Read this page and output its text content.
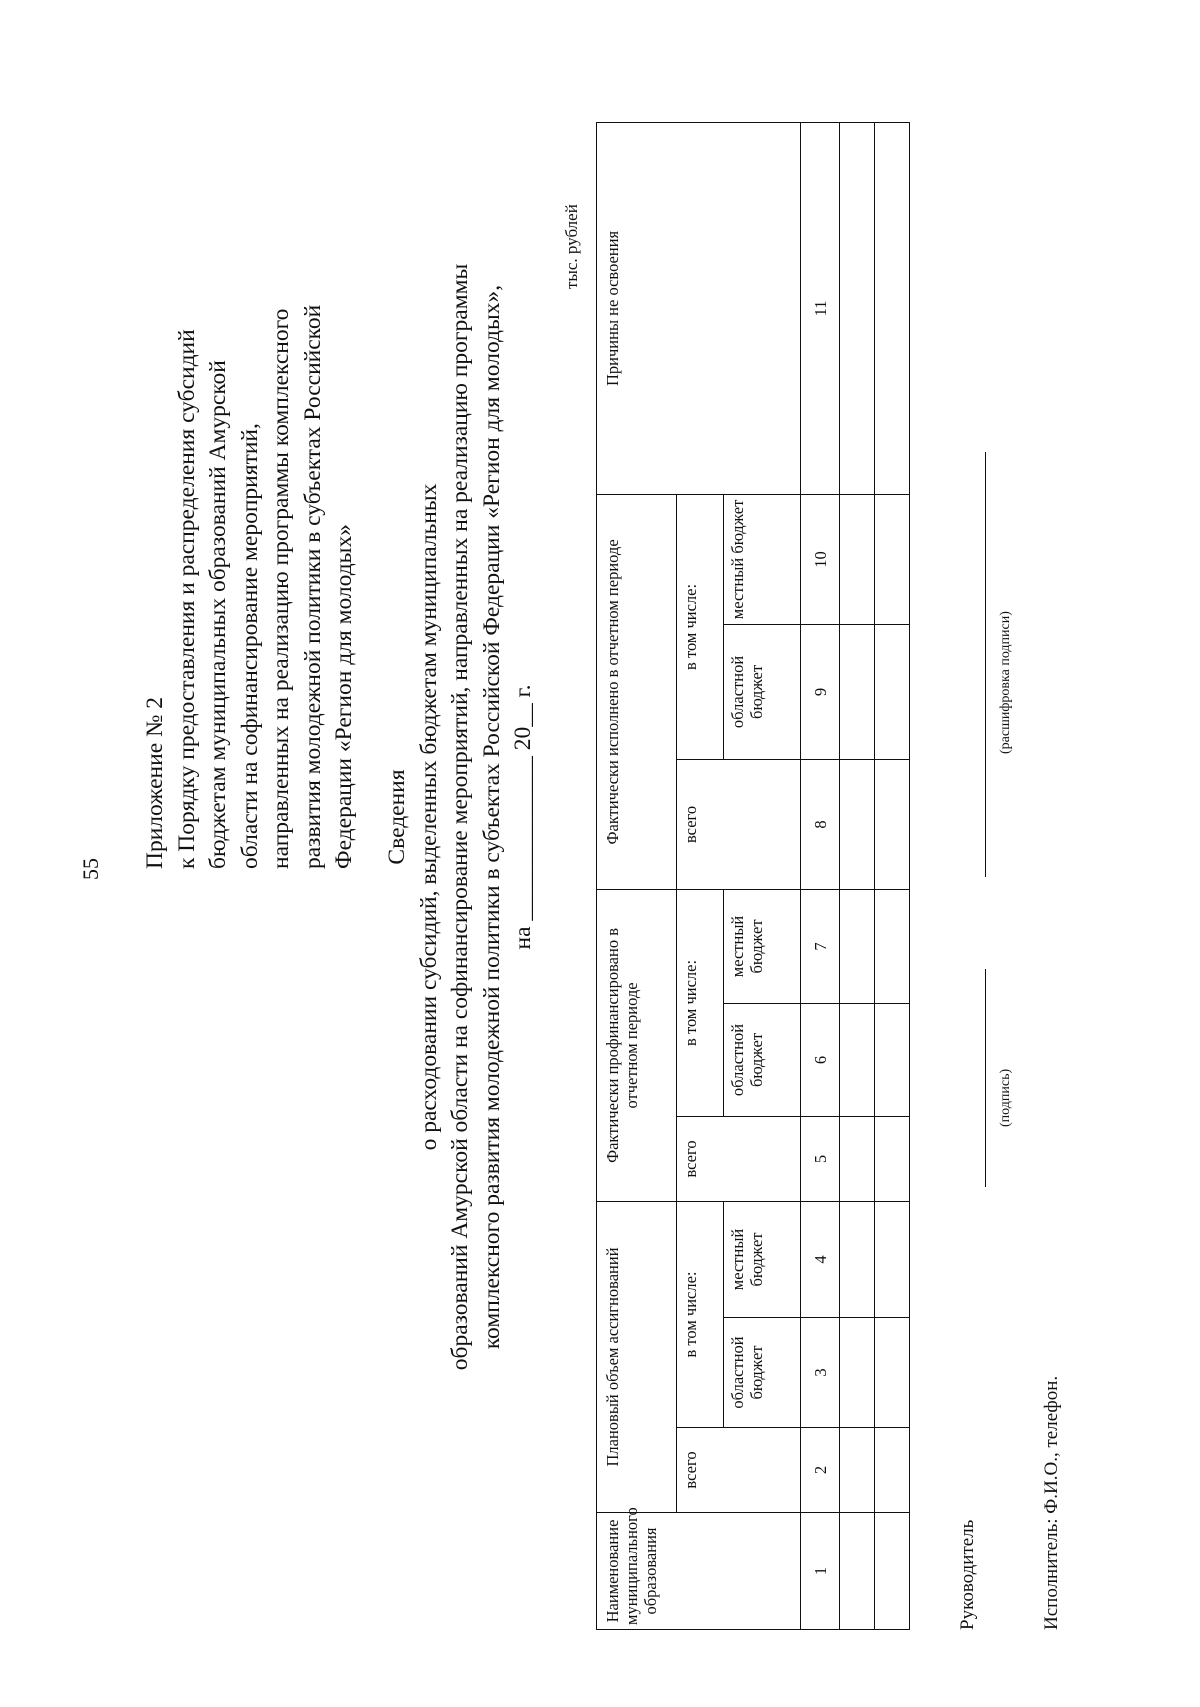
55 Приложение № 2 к Порядку предоставления и распределения субсидий бюджетам муниципальных образований Амурской области на софинансирование мероприятий, направленных на реализацию программы комплексного развития молодежной политики в субъектах Российской Федерации «Регион для молодых» Сведения о расходовании субсидий, выделенных бюджетам муниципальных образований Амурской области на софинансирование мероприятий, направленных на реализацию программы комплексного развития молодежной политики в субъектах Российской Федерации «Регион для молодых», на ______________ 20__ г.
тыс. рублей
Наименование муниципального образования	Плановый объем ассигнований			Фактически профинансировано в отчетном периоде			Фактически исполнено в отчетном периоде			Причины не освоения
	всего	в том числе:		всего	в том числе:		всего	в том числе:		
		областной бюджет	местный бюджет		областной бюджет	местный бюджет		областной бюджет	местный бюджет	
1	2	3	4	5	6	7	8	9	10	11

Руководитель
(подпись)
(расшифровка подписи)
Исполнитель: Ф.И.О., телефон.
